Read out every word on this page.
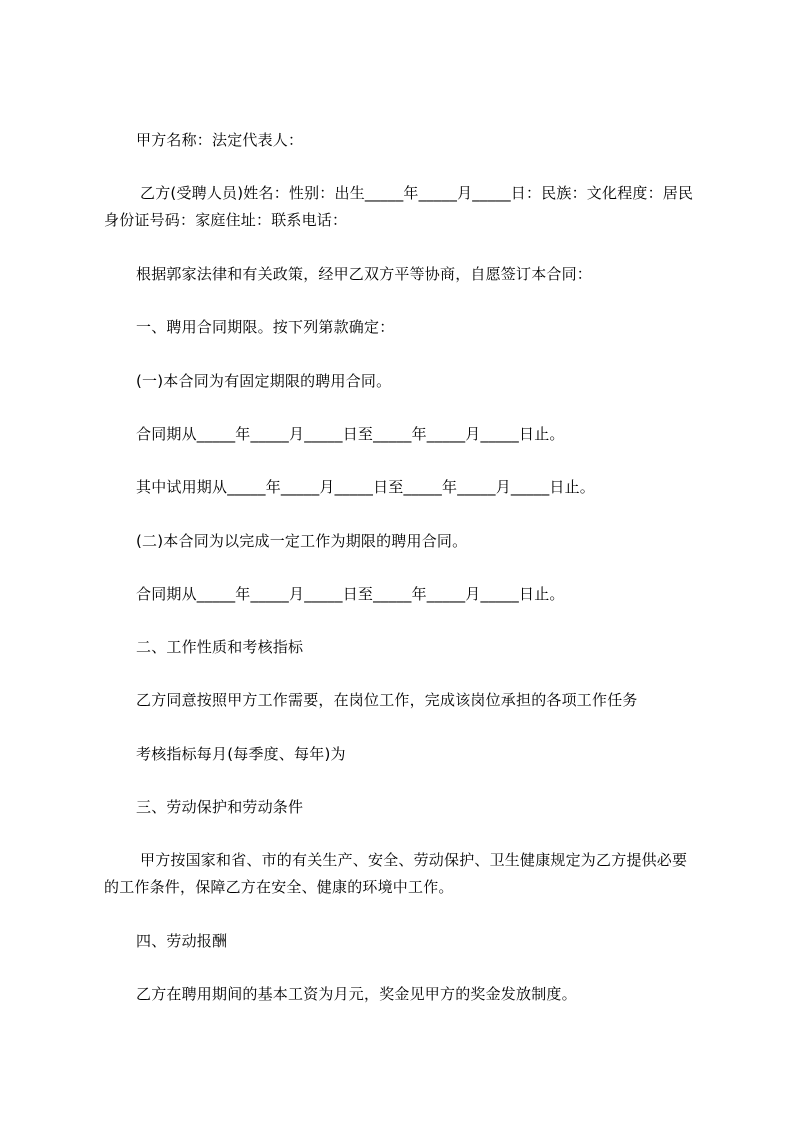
甲方名称：法定代表人：
乙方(受聘人员)姓名：性别：出生_____年_____月_____日：民族：文化程度：居民身份证号码：家庭住址：联系电话：
根据郭家法律和有关政策，经甲乙双方平等协商，自愿签订本合同：
一、聘用合同期限。按下列第款确定：
(一)本合同为有固定期限的聘用合同。
合同期从_____年_____月_____日至_____年_____月_____日止。
其中试用期从_____年_____月_____日至_____年_____月_____日止。
(二)本合同为以完成一定工作为期限的聘用合同。
合同期从_____年_____月_____日至_____年_____月_____日止。
二、工作性质和考核指标
乙方同意按照甲方工作需要，在岗位工作，完成该岗位承担的各项工作任务
考核指标每月(每季度、每年)为
三、劳动保护和劳动条件
甲方按国家和省、市的有关生产、安全、劳动保护、卫生健康规定为乙方提供必要的工作条件，保障乙方在安全、健康的环境中工作。
四、劳动报酬
乙方在聘用期间的基本工资为月元，奖金见甲方的奖金发放制度。
